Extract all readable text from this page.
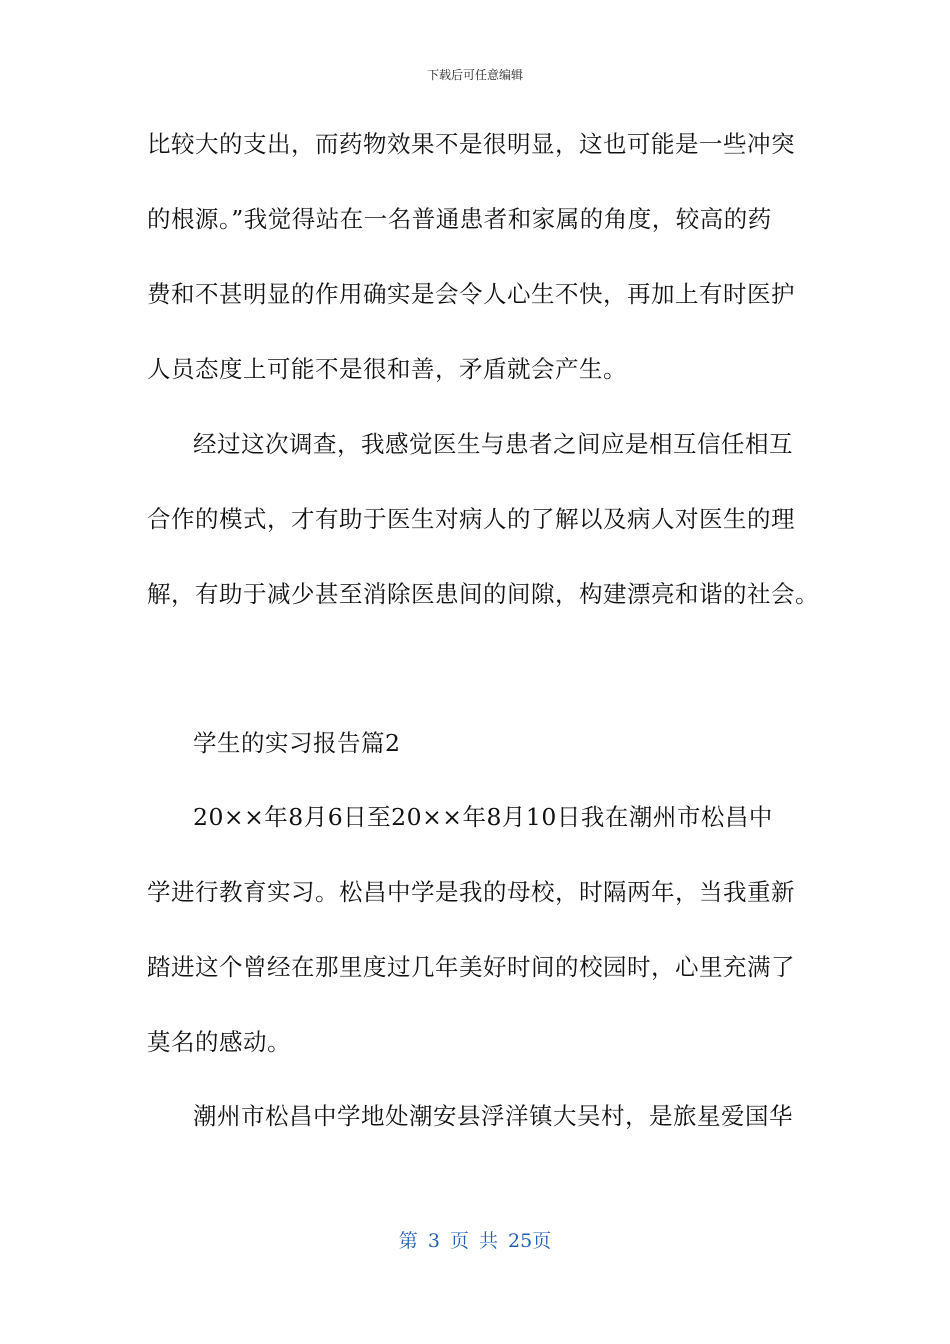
下载后可任意编辑
比较大的支出，而药物效果不是很明显，这也可能是一些冲突
的根源。”我觉得站在一名普通患者和家属的角度，较高的药
费和不甚明显的作用确实是会令人心生不快，再加上有时医护
人员态度上可能不是很和善，矛盾就会产生。
经过这次调查，我感觉医生与患者之间应是相互信任相互
合作的模式，才有助于医生对病人的了解以及病人对医生的理
解，有助于减少甚至消除医患间的间隙，构建漂亮和谐的社会。
学生的实习报告篇2
20××年8月6日至20××年8月10日我在潮州市松昌中
学进行教育实习。松昌中学是我的母校，时隔两年，当我重新
踏进这个曾经在那里度过几年美好时间的校园时，心里充满了
莫名的感动。
潮州市松昌中学地处潮安县浮洋镇大吴村，是旅星爱国华
第 3 页 共 25页
